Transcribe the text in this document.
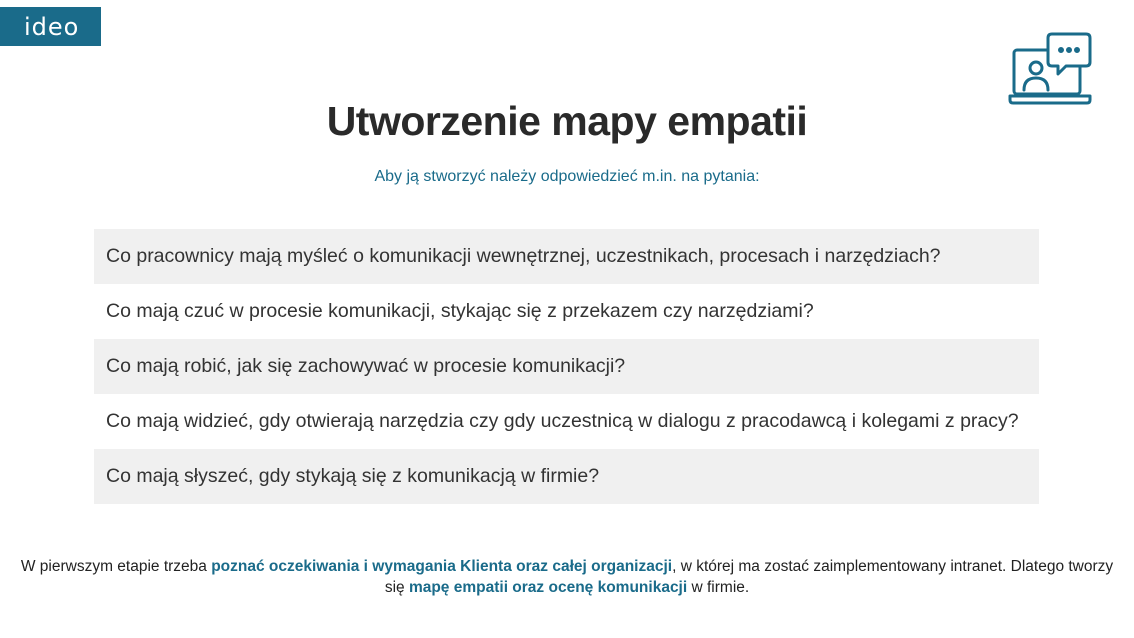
ideo
Utworzenie mapy empatii
Aby ją stworzyć należy odpowiedzieć m.in. na pytania:
Co pracownicy mają myśleć o komunikacji wewnętrznej, uczestnikach, procesach i narzędziach?
Co mają czuć w procesie komunikacji, stykając się z przekazem czy narzędziami?
Co mają robić, jak się zachowywać w procesie komunikacji?
Co mają widzieć, gdy otwierają narzędzia czy gdy uczestnicą w dialogu z pracodawcą i kolegami z pracy?
Co mają słyszeć, gdy stykają się z komunikacją w firmie?
W pierwszym etapie trzeba poznać oczekiwania i wymagania Klienta oraz całej organizacji, w której ma zostać zaimplementowany intranet. Dlatego tworzy się mapę empatii oraz ocenę komunikacji w firmie.
